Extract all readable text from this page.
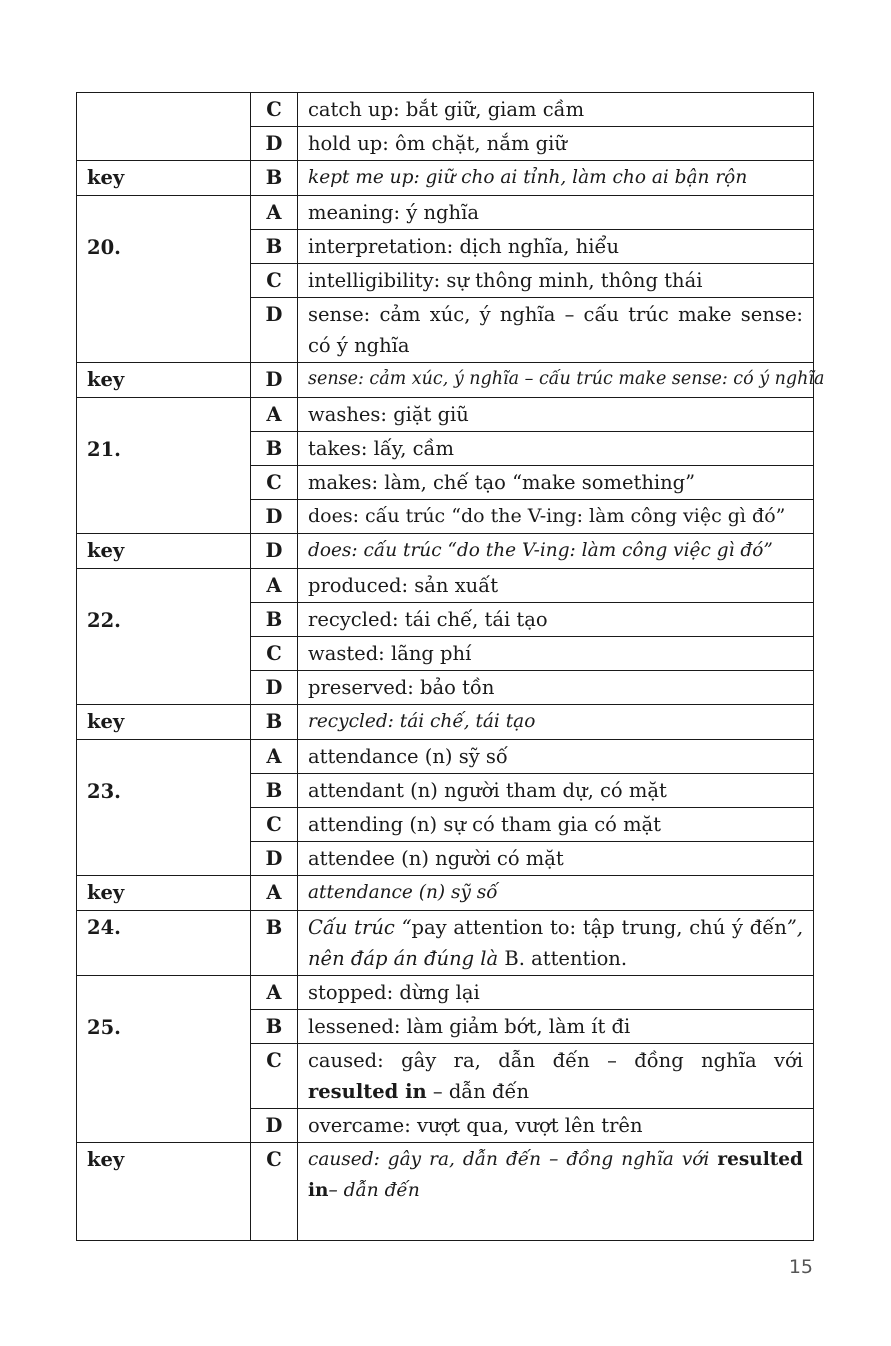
	C	catch up: bắt giữ, giam cầm
	D	hold up: ôm chặt, nắm giữ
key	B	kept me up: giữ cho ai tỉnh, làm cho ai bận rộn
20.	A	meaning: ý nghĩa
	B	interpretation: dịch nghĩa, hiểu
	C	intelligibility: sự thông minh, thông thái
	D	sense: cảm xúc, ý nghĩa – cấu trúc make sense: có ý nghĩa
key	D	sense: cảm xúc, ý nghĩa – cấu trúc make sense: có ý nghĩa
21.	A	washes: giặt giũ
	B	takes: lấy, cầm
	C	makes: làm, chế tạo “make something”
	D	does: cấu trúc “do the V-ing: làm công việc gì đó”
key	D	does: cấu trúc “do the V-ing: làm công việc gì đó”
22.	A	produced: sản xuất
	B	recycled: tái chế, tái tạo
	C	wasted: lãng phí
	D	preserved: bảo tồn
key	B	recycled: tái chế, tái tạo
23.	A	attendance (n) sỹ số
	B	attendant (n) người tham dự, có mặt
	C	attending (n) sự có tham gia có mặt
	D	attendee (n) người có mặt
key	A	attendance (n) sỹ số
24.	B	Cấu trúc “pay attention to: tập trung, chú ý đến”, nên đáp án đúng là B. attention.
25.	A	stopped: dừng lại
	B	lessened: làm giảm bớt, làm ít đi
	C	caused: gây ra, dẫn đến – đồng nghĩa với resulted in – dẫn đến
	D	overcame: vượt qua, vượt lên trên
key	C	caused: gây ra, dẫn đến – đồng nghĩa với resulted in– dẫn đến
15
